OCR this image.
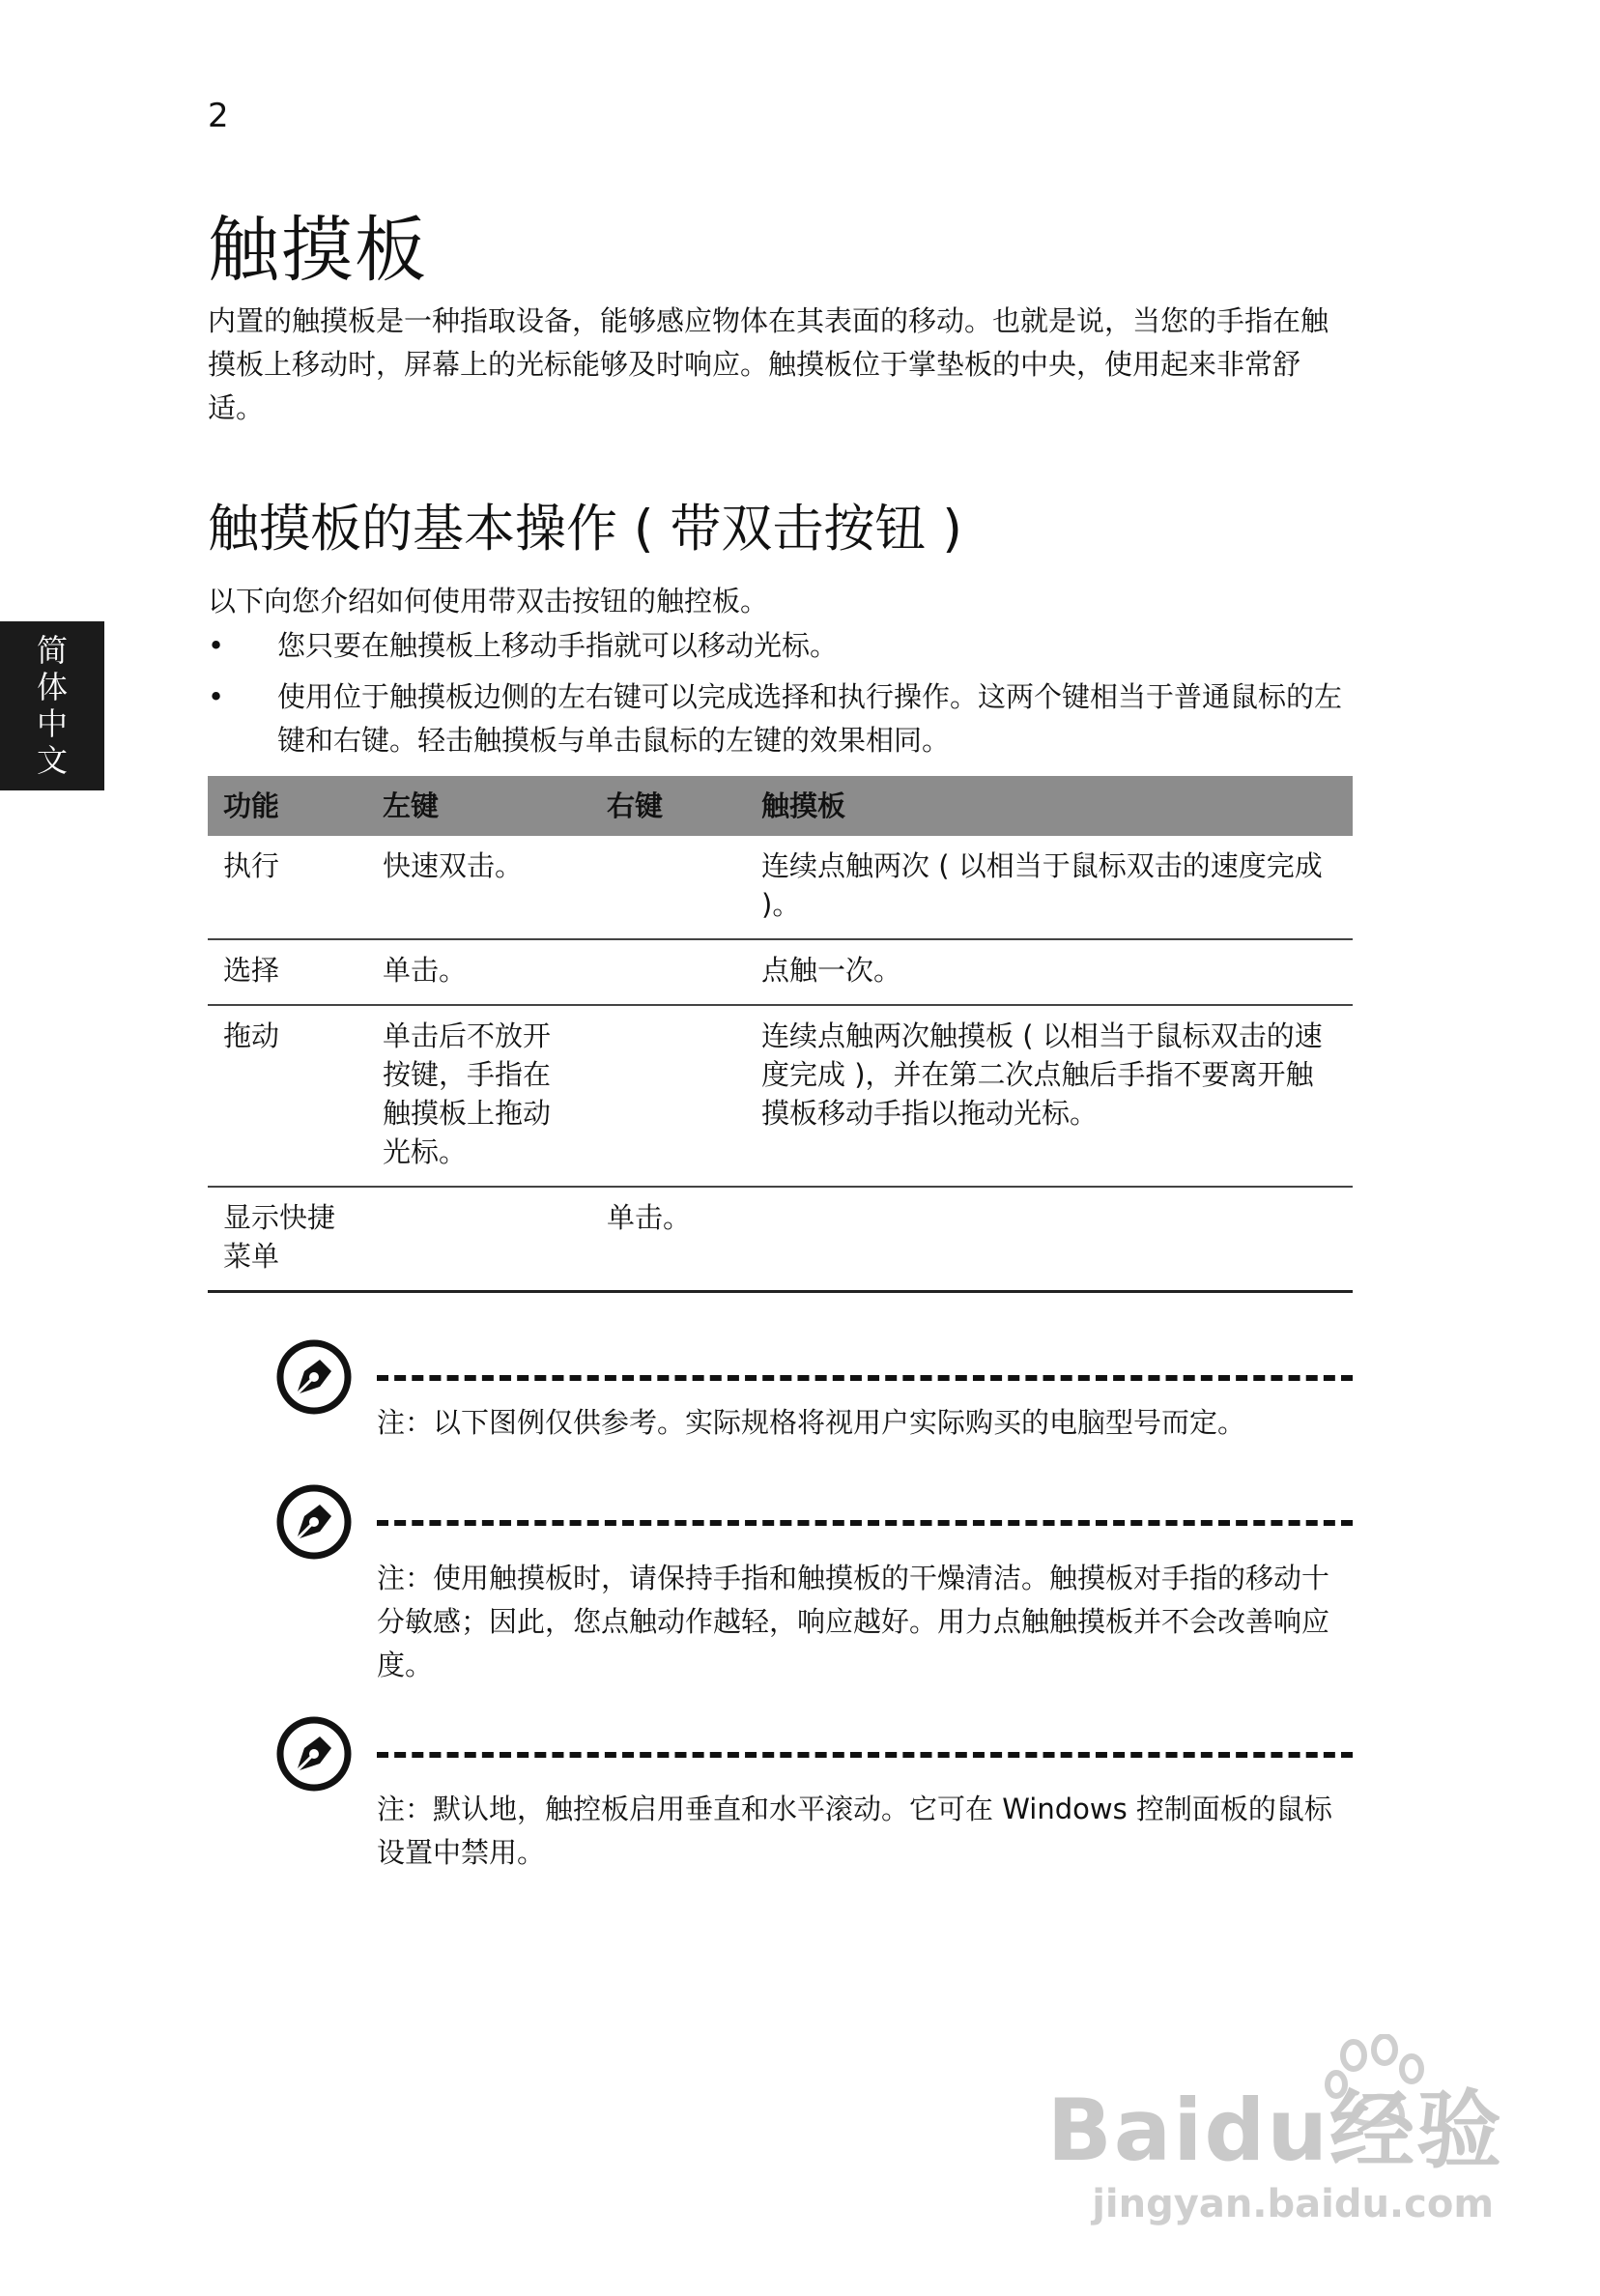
2
触摸板

内置的触摸板是一种指取设备，能够感应物体在其表面的移动。也就是说，当您的手指在触摸板上移动时，屏幕上的光标能够及时响应。触摸板位于掌垫板的中央，使用起来非常舒适。

触摸板的基本操作 ( 带双击按钮 )

以下向您介绍如何使用带双击按钮的触控板。

• 您只要在触摸板上移动手指就可以移动光标。
• 使用位于触摸板边侧的左右键可以完成选择和执行操作。这两个键相当于普通鼠标的左键和右键。轻击触摸板与单击鼠标的左键的效果相同。
简
体
中
文
功能	左键	右键	触摸板
执行	快速双击。		连续点触两次 ( 以相当于鼠标双击的速度完成 )。
选择	单击。		点触一次。
拖动	单击后不放开按键，手指在触摸板上拖动光标。		连续点触两次触摸板 ( 以相当于鼠标双击的速度完成 )，并在第二次点触后手指不要离开触摸板移动手指以拖动光标。
显示快捷菜单		单击。	

注：以下图例仅供参考。实际规格将视用户实际购买的电脑型号而定。

注：使用触摸板时，请保持手指和触摸板的干燥清洁。触摸板对手指的移动十分敏感；因此，您点触动作越轻，响应越好。用力点触触摸板并不会改善响应度。

注：默认地，触控板启用垂直和水平滚动。它可在 Windows 控制面板的鼠标设置中禁用。

Baidu经验
jingyan.baidu.com
